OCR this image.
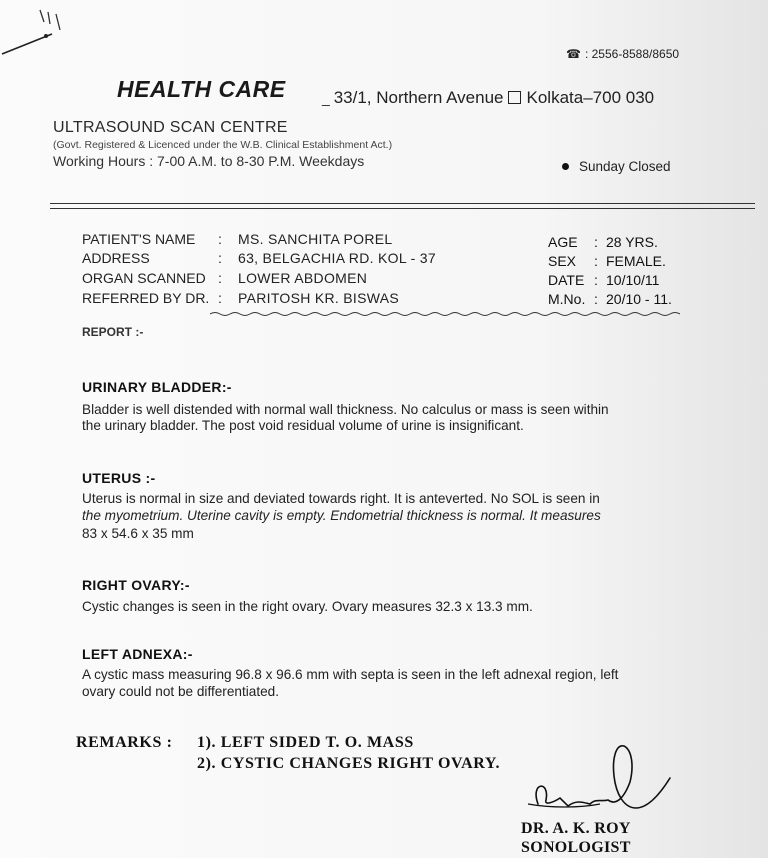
☎ : 2556-8588/8650
HEALTH CARE	_ 33/1, Northern Avenue Kolkata–700 030
ULTRASOUND SCAN CENTRE
(Govt. Registered & Licenced under the W.B. Clinical Establishment Act.)
Working Hours : 7-00 A.M. to 8-30 P.M. Weekdays	Sunday Closed
PATIENT'S NAME	: MS. SANCHITA POREL
ADDRESS	: 63, BELGACHIA RD. KOL - 37
ORGAN SCANNED : LOWER ABDOMEN
REFERRED BY DR. : PARITOSH KR. BISWAS
AGE : 28 YRS.
SEX : FEMALE.
DATE : 10/10/11
M.No. : 20/10 - 11.
REPORT :-
URINARY BLADDER:-
Bladder is well distended with normal wall thickness. No calculus or mass is seen within
the urinary bladder. The post void residual volume of urine is insignificant.
UTERUS :-
Uterus is normal in size and deviated towards right. It is anteverted. No SOL is seen in
the myometrium. Uterine cavity is empty. Endometrial thickness is normal. It measures
83 x 54.6 x 35 mm
RIGHT OVARY:-
Cystic changes is seen in the right ovary. Ovary measures 32.3 x 13.3 mm.
LEFT ADNEXA:-
A cystic mass measuring 96.8 x 96.6 mm with septa is seen in the left adnexal region, left
ovary could not be differentiated.
REMARKS : 1). LEFT SIDED T. O. MASS
2). CYSTIC CHANGES RIGHT OVARY.
DR. A. K. ROY
SONOLOGIST
